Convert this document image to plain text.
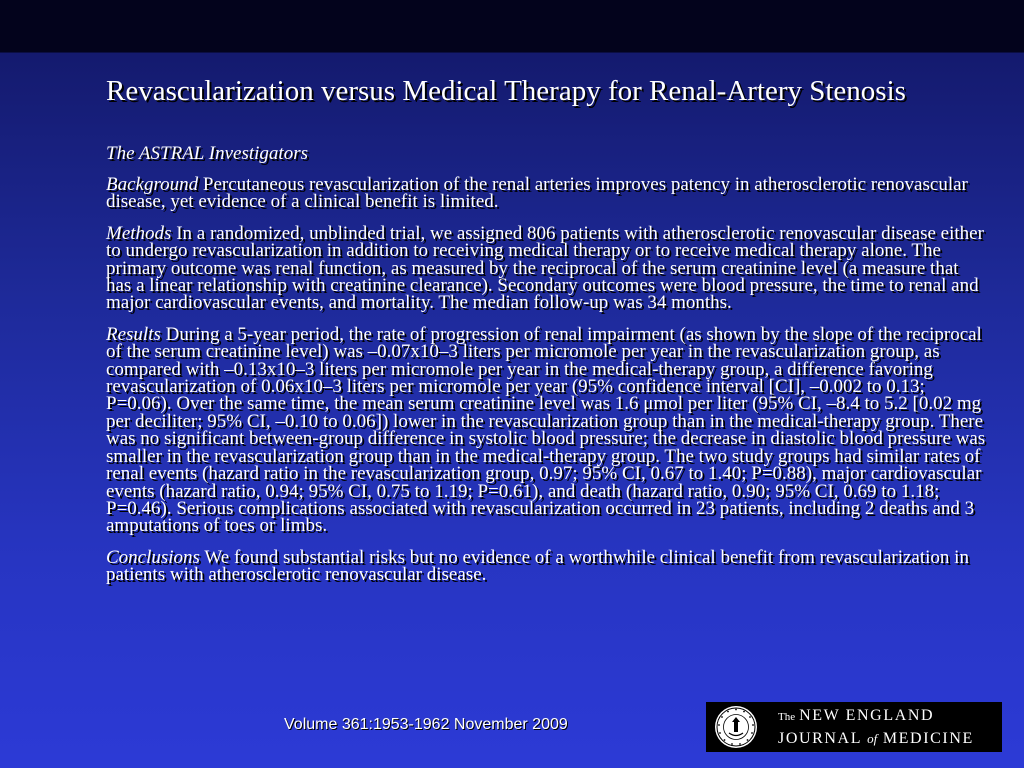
Revascularization versus Medical Therapy for Renal-Artery Stenosis

The ASTRAL Investigators

Background Percutaneous revascularization of the renal arteries improves patency in atherosclerotic renovascular disease, yet evidence of a clinical benefit is limited.

Methods In a randomized, unblinded trial, we assigned 806 patients with atherosclerotic renovascular disease either to undergo revascularization in addition to receiving medical therapy or to receive medical therapy alone. The primary outcome was renal function, as measured by the reciprocal of the serum creatinine level (a measure that has a linear relationship with creatinine clearance). Secondary outcomes were blood pressure, the time to renal and major cardiovascular events, and mortality. The median follow-up was 34 months.

Results During a 5-year period, the rate of progression of renal impairment (as shown by the slope of the reciprocal of the serum creatinine level) was –0.07x10–3 liters per micromole per year in the revascularization group, as compared with –0.13x10–3 liters per micromole per year in the medical-therapy group, a difference favoring revascularization of 0.06x10–3 liters per micromole per year (95% confidence interval [CI], –0.002 to 0.13; P=0.06). Over the same time, the mean serum creatinine level was 1.6 μmol per liter (95% CI, –8.4 to 5.2 [0.02 mg per deciliter; 95% CI, –0.10 to 0.06]) lower in the revascularization group than in the medical-therapy group. There was no significant between-group difference in systolic blood pressure; the decrease in diastolic blood pressure was smaller in the revascularization group than in the medical-therapy group. The two study groups had similar rates of renal events (hazard ratio in the revascularization group, 0.97; 95% CI, 0.67 to 1.40; P=0.88), major cardiovascular events (hazard ratio, 0.94; 95% CI, 0.75 to 1.19; P=0.61), and death (hazard ratio, 0.90; 95% CI, 0.69 to 1.18; P=0.46). Serious complications associated with revascularization occurred in 23 patients, including 2 deaths and 3 amputations of toes or limbs.

Conclusions We found substantial risks but no evidence of a worthwhile clinical benefit from revascularization in patients with atherosclerotic renovascular disease.

Volume 361:1953-1962 November 2009	The NEW ENGLAND
JOURNAL of MEDICINE
